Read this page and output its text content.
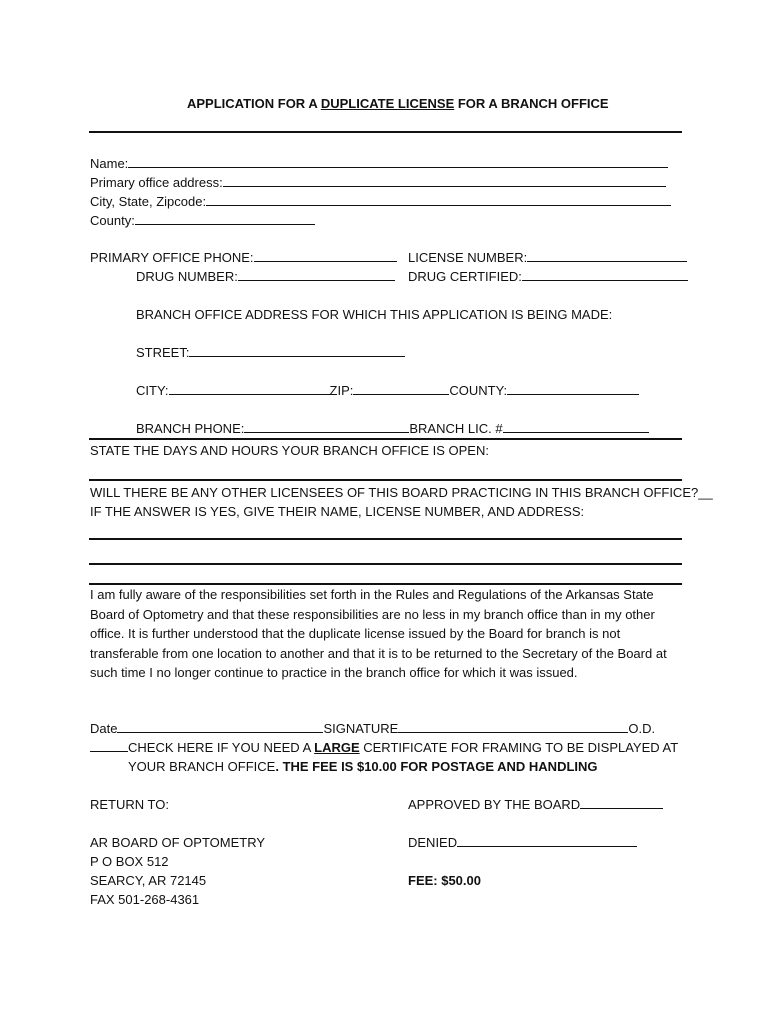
APPLICATION FOR A DUPLICATE LICENSE FOR A BRANCH OFFICE
Name:
Primary office address:
City, State, Zipcode:
County:
PRIMARY OFFICE PHONE:	LICENSE NUMBER:
DRUG NUMBER:	DRUG CERTIFIED:
BRANCH OFFICE ADDRESS FOR WHICH THIS APPLICATION IS BEING MADE:
STREET:
CITY:	ZIP:	COUNTY:
BRANCH PHONE:	BRANCH LIC. #
STATE THE DAYS AND HOURS YOUR BRANCH OFFICE IS OPEN:
WILL THERE BE ANY OTHER LICENSEES OF THIS BOARD PRACTICING IN THIS BRANCH OFFICE?__
IF THE ANSWER IS YES, GIVE THEIR NAME, LICENSE NUMBER, AND ADDRESS:
I am fully aware of the responsibilities set forth in the Rules and Regulations of the Arkansas State Board of Optometry and that these responsibilities are no less in my branch office than in my other office. It is further understood that the duplicate license issued by the Board for branch is not transferable from one location to another and that it is to be returned to the Secretary of the Board at such time I no longer continue to practice in the branch office for which it was issued.
Date	SIGNATURE	O.D.
CHECK HERE IF YOU NEED A LARGE CERTIFICATE FOR FRAMING TO BE DISPLAYED AT
YOUR BRANCH OFFICE. THE FEE IS $10.00 FOR POSTAGE AND HANDLING
RETURN TO:	APPROVED BY THE BOARD
AR BOARD OF OPTOMETRY	DENIED
P O BOX 512
SEARCY, AR 72145	FEE: $50.00
FAX 501-268-4361
